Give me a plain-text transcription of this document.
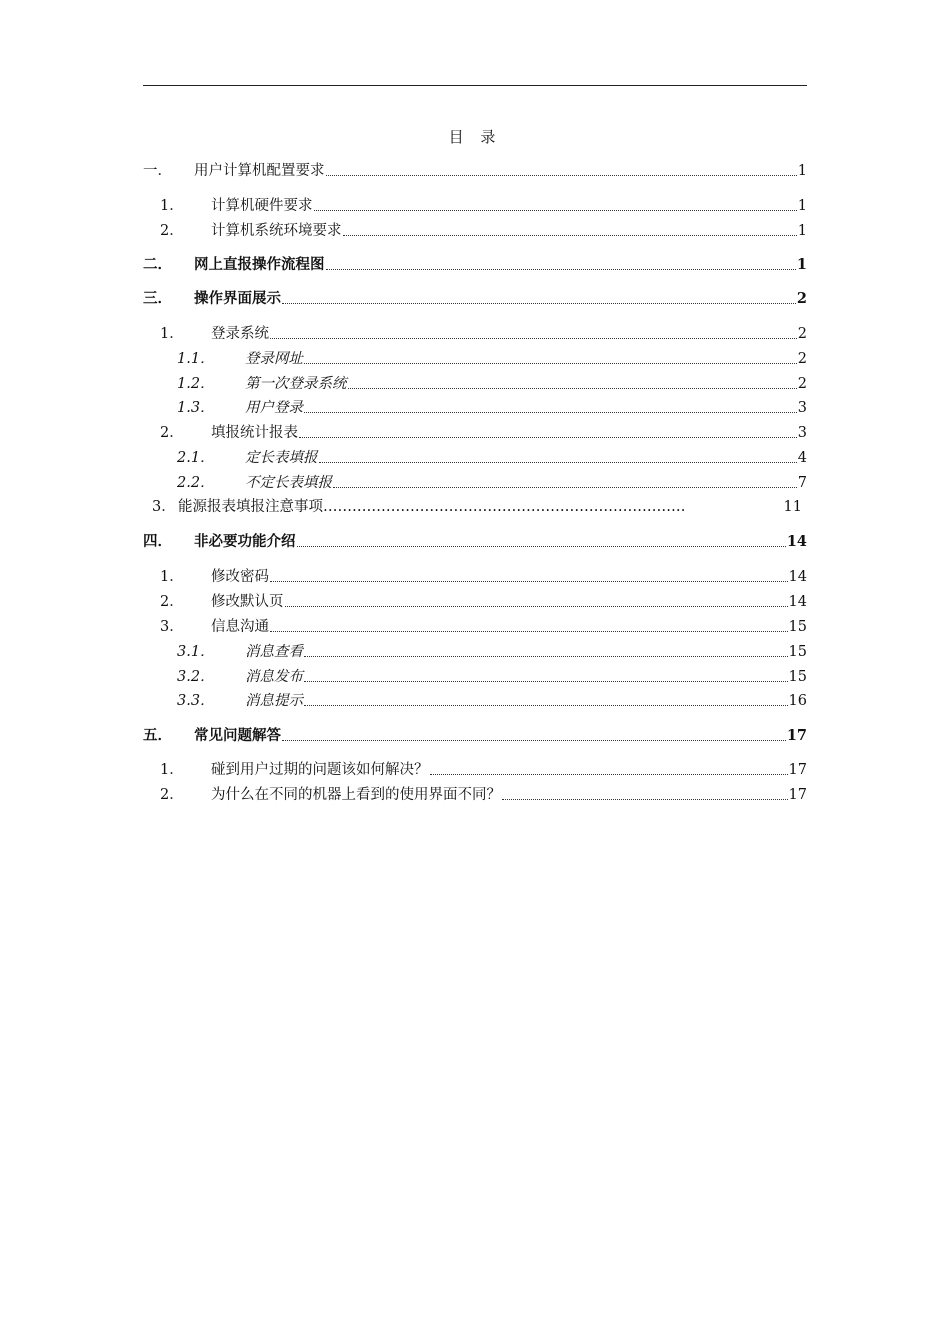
目 录
一．	用户计算机配置要求	1
1．	计算机硬件要求	1
2．	计算机系统环境要求	1
二．	网上直报操作流程图	1
三．	操作界面展示	2
1．	登录系统	2
1.1．	登录网址	2
1.2．	第一次登录系统	2
1.3．	用户登录	3
2．	填报统计报表	3
2.1．	定长表填报	4
2.2．	不定长表填报	7
3． 能源报表填报注意事项…… ……………………………………………………………	11
四．	非必要功能介绍	14
1．	修改密码	14
2．	修改默认页	14
3．	信息沟通	15
3.1．	消息查看	15
3.2．	消息发布	15
3.3．	消息提示	16
五．	常见问题解答	17
1．	碰到用户过期的问题该如何解决？	17
2．	为什么在不同的机器上看到的使用界面不同？	17
